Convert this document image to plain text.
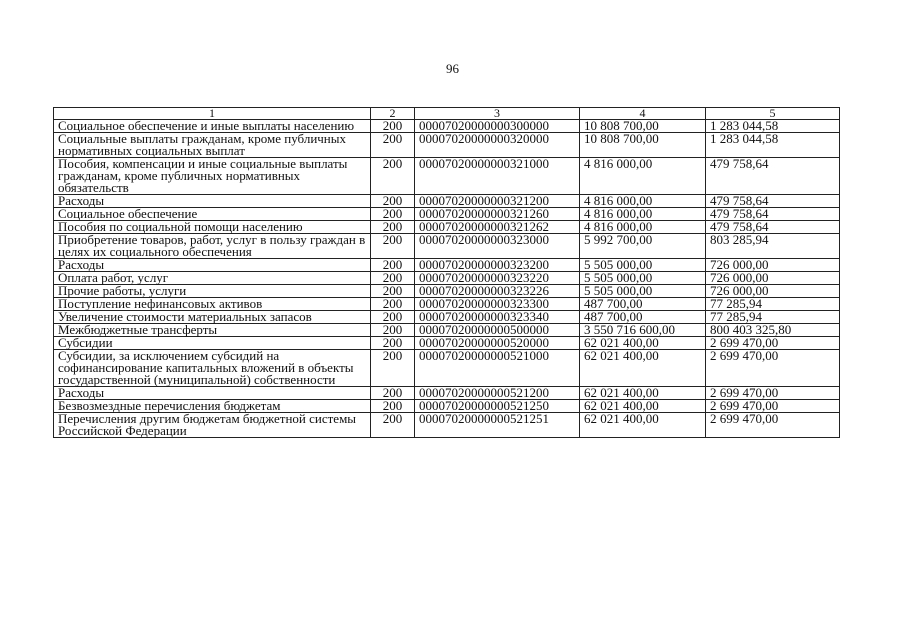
96
1	2	3	4	5
Социальное обеспечение и иные выплаты населению	200	00007020000000300000	10 808 700,00	1 283 044,58
Социальные выплаты гражданам, кроме публичных нормативных социальных выплат	200	00007020000000320000	10 808 700,00	1 283 044,58
Пособия, компенсации и иные социальные выплаты гражданам, кроме публичных нормативных обязательств	200	00007020000000321000	4 816 000,00	479 758,64
Расходы	200	00007020000000321200	4 816 000,00	479 758,64
Социальное обеспечение	200	00007020000000321260	4 816 000,00	479 758,64
Пособия по социальной помощи населению	200	00007020000000321262	4 816 000,00	479 758,64
Приобретение товаров, работ, услуг в пользу граждан в целях их социального обеспечения	200	00007020000000323000	5 992 700,00	803 285,94
Расходы	200	00007020000000323200	5 505 000,00	726 000,00
Оплата работ, услуг	200	00007020000000323220	5 505 000,00	726 000,00
Прочие работы, услуги	200	00007020000000323226	5 505 000,00	726 000,00
Поступление нефинансовых активов	200	00007020000000323300	487 700,00	77 285,94
Увеличение стоимости материальных запасов	200	00007020000000323340	487 700,00	77 285,94
Межбюджетные трансферты	200	00007020000000500000	3 550 716 600,00	800 403 325,80
Субсидии	200	00007020000000520000	62 021 400,00	2 699 470,00
Субсидии, за исключением субсидий на софинансирование капитальных вложений в объекты государственной (муниципальной) собственности	200	00007020000000521000	62 021 400,00	2 699 470,00
Расходы	200	00007020000000521200	62 021 400,00	2 699 470,00
Безвозмездные перечисления бюджетам	200	00007020000000521250	62 021 400,00	2 699 470,00
Перечисления другим бюджетам бюджетной системы Российской Федерации	200	00007020000000521251	62 021 400,00	2 699 470,00
